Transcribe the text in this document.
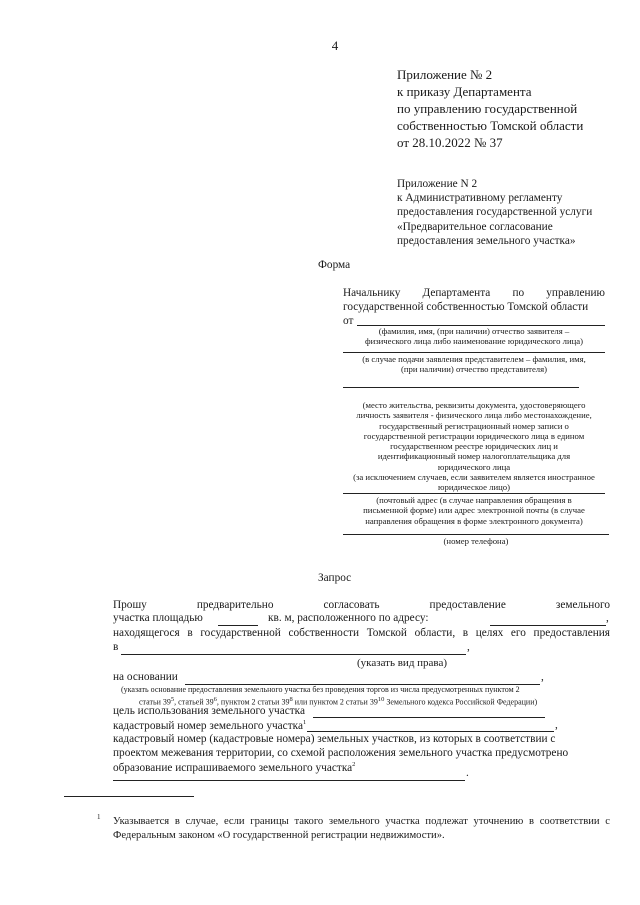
4
Приложение № 2
к приказу Департамента
по управлению государственной
собственностью Томской области
от 28.10.2022 № 37
Приложение N 2
к Административному регламенту
предоставления государственной услуги
«Предварительное согласование
предоставления земельного участка»
Форма
Начальнику Департамента по управлению
государственной собственностью Томской области
от
(фамилия, имя, (при наличии) отчество заявителя –
физического лица либо наименование юридического лица)
(в случае подачи заявления представителем – фамилия, имя,
(при наличии) отчество представителя)
(место жительства, реквизиты документа, удостоверяющего
личность заявителя - физического лица либо местонахождение,
государственный регистрационный номер записи о
государственной регистрации юридического лица в едином
государственном реестре юридических лиц и
идентификационный номер налогоплательщика для
юридического лица
(за исключением случаев, если заявителем является иностранное
юридическое лицо)
(почтовый адрес (в случае направления обращения в
письменной форме) или адрес электронной почты (в случае
направления обращения в форме электронного документа)
(номер телефона)
Запрос
Прошу предварительно согласовать предоставление земельного
участка площадью	кв. м, расположенного по адресу:	,
находящегося в государственной собственности Томской области, в целях его предоставления
в	,
(указать вид права)
на основании	,
(указать основание предоставления земельного участка без проведения торгов из числа предусмотренных пунктом 2
статьи $39^5$, статьей $39^6$, пунктом 2 статьи $39^8$ или пунктом 2 статьи $39^{10}$ Земельного кодекса Российской Федерации)
цель использования земельного участка
кадастровый номер земельного участка$^1$	,
кадастровый номер (кадастровые номера) земельных участков, из которых в соответствии с
проектом межевания территории, со схемой расположения земельного участка предусмотрено
образование испрашиваемого земельного участка$^2$
.
1 Указывается в случае, если границы такого земельного участка подлежат уточнению в соответствии с Федеральным законом «О государственной регистрации недвижимости».
